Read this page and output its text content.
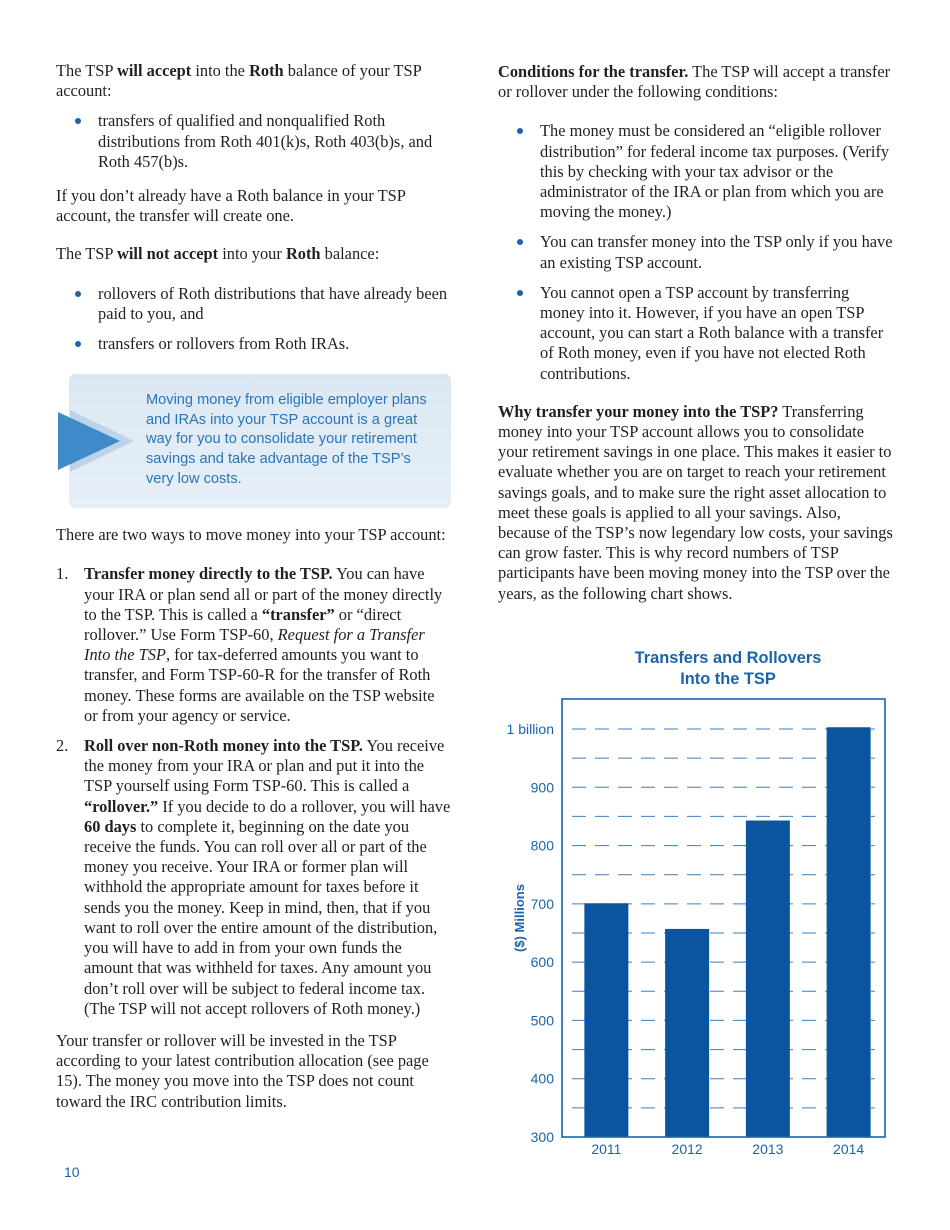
The TSP will accept into the Roth balance of your TSP account:

transfers of qualified and nonqualified Roth distributions from Roth 401(k)s, Roth 403(b)s, and Roth 457(b)s.

If you don’t already have a Roth balance in your TSP account, the transfer will create one.

The TSP will not accept into your Roth balance:

rollovers of Roth distributions that have already been paid to you, and
transfers or rollovers from Roth IRAs.
Moving money from eligible employer plans and IRAs into your TSP account is a great way for you to consolidate your retirement savings and take advantage of the TSP’s very low costs.

There are two ways to move money into your TSP account:

1. Transfer money directly to the TSP. You can have your IRA or plan send all or part of the money directly to the TSP. This is called a “transfer” or “direct rollover.” Use Form TSP-60, Request for a Transfer Into the TSP, for tax-deferred amounts you want to transfer, and Form TSP-60-R for the transfer of Roth money. These forms are available on the TSP website or from your agency or service.
2. Roll over non-Roth money into the TSP. You receive the money from your IRA or plan and put it into the TSP yourself using Form TSP-60. This is called a “rollover.” If you decide to do a rollover, you will have 60 days to complete it, beginning on the date you receive the funds. You can roll over all or part of the money you receive. Your IRA or former plan will withhold the appropriate amount for taxes before it sends you the money. Keep in mind, then, that if you want to roll over the entire amount of the distribution, you will have to add in from your own funds the amount that was withheld for taxes. Any amount you don’t roll over will be subject to federal income tax. (The TSP will not accept rollovers of Roth money.)

Your transfer or rollover will be invested in the TSP according to your latest contribution allocation (see page 15). The money you move into the TSP does not count toward the IRC contribution limits.

10

Conditions for the transfer. The TSP will accept a transfer or rollover under the following conditions:

The money must be considered an “eligible rollover distribution” for federal income tax purposes. (Verify this by checking with your tax advisor or the administrator of the IRA or plan from which you are moving the money.)
You can transfer money into the TSP only if you have an existing TSP account.
You cannot open a TSP account by transferring money into it. However, if you have an open TSP account, you can start a Roth balance with a transfer of Roth money, even if you have not elected Roth contributions.

Why transfer your money into the TSP? Transferring money into your TSP account allows you to consolidate your retirement savings in one place. This makes it easier to evaluate whether you are on target to reach your retirement savings goals, and to make sure the right asset allocation to meet these goals is applied to all your savings. Also, because of the TSP’s now legendary low costs, your savings can grow faster. This is why record numbers of TSP participants have been moving money into the TSP over the years, as the following chart shows.

Transfers and Rollovers
Into the TSP
2011	2012	2013	2014
300
400
500
600
700
800
900
1 billion
($) Millions
